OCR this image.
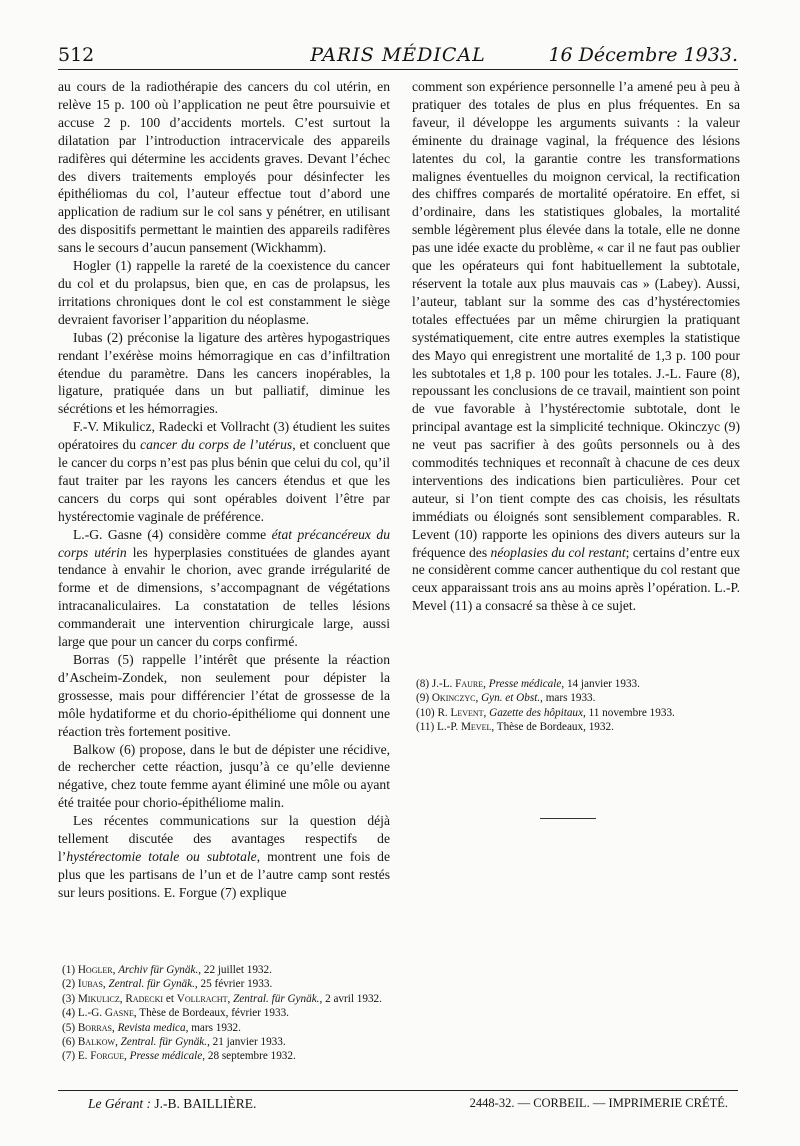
512	PARIS MÉDICAL	16 Décembre 1933.

au cours de la radiothérapie des cancers du col utérin, en relève 15 p. 100 où l’application ne peut être poursuivie et accuse 2 p. 100 d’accidents mortels. C’est surtout la dilatation par l’introduction intracervicale des appareils radifères qui détermine les accidents graves. Devant l’échec des divers traitements employés pour désinfecter les épithéliomas du col, l’auteur effectue tout d’abord une application de radium sur le col sans y pénétrer, en utilisant des dispositifs permettant le maintien des appareils radifères sans le secours d’aucun pansement (Wickhamm).

Hogler (1) rappelle la rareté de la coexistence du cancer du col et du prolapsus, bien que, en cas de prolapsus, les irritations chroniques dont le col est constamment le siège devraient favoriser l’apparition du néoplasme.

Iubas (2) préconise la ligature des artères hypogastriques rendant l’exérèse moins hémorragique en cas d’infiltration étendue du paramètre. Dans les cancers inopérables, la ligature, pratiquée dans un but palliatif, diminue les sécrétions et les hémorragies.

F.-V. Mikulicz, Radecki et Vollracht (3) étudient les suites opératoires du cancer du corps de l’utérus, et concluent que le cancer du corps n’est pas plus bénin que celui du col, qu’il faut traiter par les rayons les cancers étendus et que les cancers du corps qui sont opérables doivent l’être par hystérectomie vaginale de préférence.

L.-G. Gasne (4) considère comme état précancéreux du corps utérin les hyperplasies constituées de glandes ayant tendance à envahir le chorion, avec grande irrégularité de forme et de dimensions, s’accompagnant de végétations intracanaliculaires. La constatation de telles lésions commanderait une intervention chirurgicale large, aussi large que pour un cancer du corps confirmé.

Borras (5) rappelle l’intérêt que présente la réaction d’Ascheim-Zondek, non seulement pour dépister la grossesse, mais pour différencier l’état de grossesse de la môle hydatiforme et du chorio-épithéliome qui donnent une réaction très fortement positive.

Balkow (6) propose, dans le but de dépister une récidive, de rechercher cette réaction, jusqu’à ce qu’elle devienne négative, chez toute femme ayant éliminé une môle ou ayant été traitée pour chorio-épithéliome malin.

Les récentes communications sur la question déjà tellement discutée des avantages respectifs de l’hystérectomie totale ou subtotale, montrent une fois de plus que les partisans de l’un et de l’autre camp sont restés sur leurs positions. E. Forgue (7) explique

(1) Hogler, Archiv für Gynäk., 22 juillet 1932.

(2) Iubas, Zentral. für Gynäk., 25 février 1933.

(3) Mikulicz, Radecki et Vollracht, Zentral. für Gynäk., 2 avril 1932.

(4) L.-G. Gasne, Thèse de Bordeaux, février 1933.

(5) Borras, Revista medica, mars 1932.

(6) Balkow, Zentral. für Gynäk., 21 janvier 1933.

(7) E. Forgue, Presse médicale, 28 septembre 1932.

comment son expérience personnelle l’a amené peu à peu à pratiquer des totales de plus en plus fréquentes. En sa faveur, il développe les arguments suivants : la valeur éminente du drainage vaginal, la fréquence des lésions latentes du col, la garantie contre les transformations malignes éventuelles du moignon cervical, la rectification des chiffres comparés de mortalité opératoire. En effet, si d’ordinaire, dans les statistiques globales, la mortalité semble légèrement plus élevée dans la totale, elle ne donne pas une idée exacte du problème, « car il ne faut pas oublier que les opérateurs qui font habituellement la subtotale, réservent la totale aux plus mauvais cas » (Labey). Aussi, l’auteur, tablant sur la somme des cas d’hystérectomies totales effectuées par un même chirurgien la pratiquant systématiquement, cite entre autres exemples la statistique des Mayo qui enregistrent une mortalité de 1,3 p. 100 pour les subtotales et 1,8 p. 100 pour les totales. J.-L. Faure (8), repoussant les conclusions de ce travail, maintient son point de vue favorable à l’hystérectomie subtotale, dont le principal avantage est la simplicité technique. Okinczyc (9) ne veut pas sacrifier à des goûts personnels ou à des commodités techniques et reconnaît à chacune de ces deux interventions des indications bien particulières. Pour cet auteur, si l’on tient compte des cas choisis, les résultats immédiats ou éloignés sont sensiblement comparables. R. Levent (10) rapporte les opinions des divers auteurs sur la fréquence des néoplasies du col restant; certains d’entre eux ne considèrent comme cancer authentique du col restant que ceux apparaissant trois ans au moins après l’opération. L.-P. Mevel (11) a consacré sa thèse à ce sujet.

(8) J.-L. Faure, Presse médicale, 14 janvier 1933.

(9) Okinczyc, Gyn. et Obst., mars 1933.

(10) R. Levent, Gazette des hôpitaux, 11 novembre 1933.

(11) L.-P. Mevel, Thèse de Bordeaux, 1932.

Le Gérant : J.-B. BAILLIÈRE.	2448-32. — CORBEIL. — IMPRIMERIE CRÉTÉ.
